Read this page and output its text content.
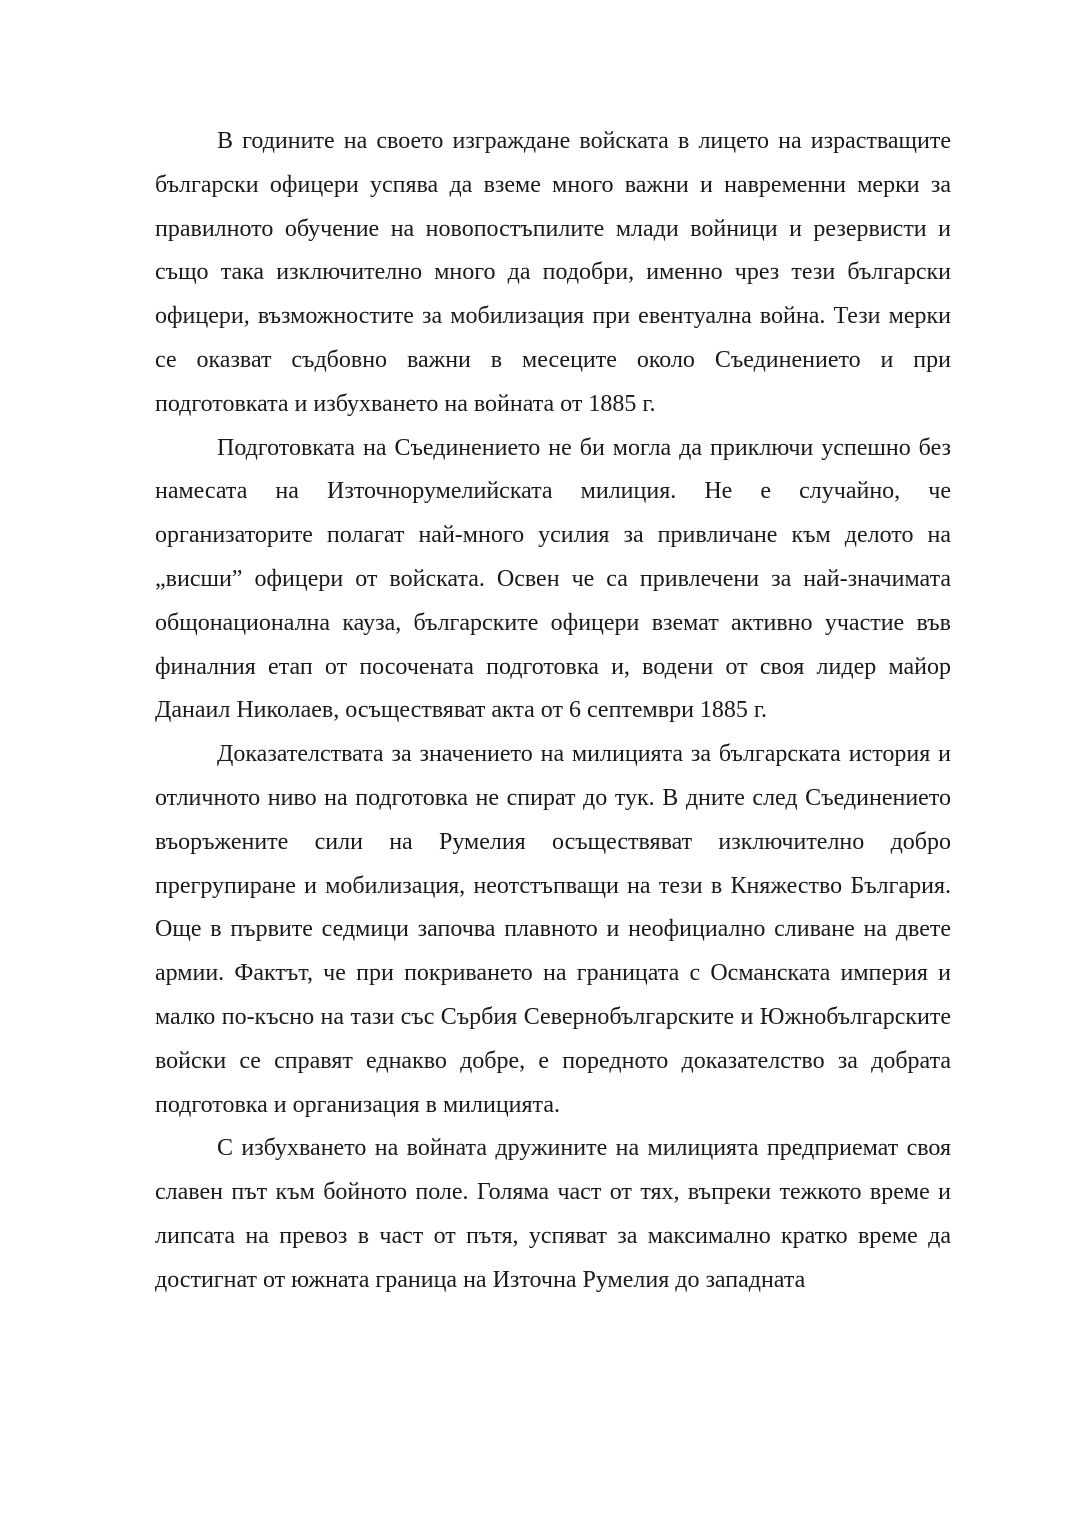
В годините на своето изграждане войската в лицето на израстващите български офицери успява да вземе много важни и навременни мерки за правилното обучение на новопостъпилите млади войници и резервисти и също така изключително много да подобри, именно чрез тези български офицери, възможностите за мобилизация при евентуална война. Тези мерки се оказват съдбовно важни в месеците около Съединението и при подготовката и избухването на войната от 1885 г.

Подготовката на Съединението не би могла да приключи успешно без намесата на Източнорумелийската милиция. Не е случайно, че организаторите полагат най-много усилия за привличане към делото на „висши” офицери от войската. Освен че са привлечени за най-значимата общонационална кауза, българските офицери вземат активно участие във финалния етап от посочената подготовка и, водени от своя лидер майор Данаил Николаев, осъществяват акта от 6 септември 1885 г.

Доказателствата за значението на милицията за българската история и отличното ниво на подготовка не спират до тук. В дните след Съединението въоръжените сили на Румелия осъществяват изключително добро прегрупиране и мобилизация, неотстъпващи на тези в Княжество България. Още в първите седмици започва плавното и неофициално сливане на двете армии. Фактът, че при покриването на границата с Османската империя и малко по-късно на тази със Сърбия Севернобългарските и Южнобългарските войски се справят еднакво добре, е поредното доказателство за добрата подготовка и организация в милицията.

С избухването на войната дружините на милицията предприемат своя славен път към бойното поле. Голяма част от тях, въпреки тежкото време и липсата на превоз в част от пътя, успяват за максимално кратко време да достигнат от южната граница на Източна Румелия до западната
